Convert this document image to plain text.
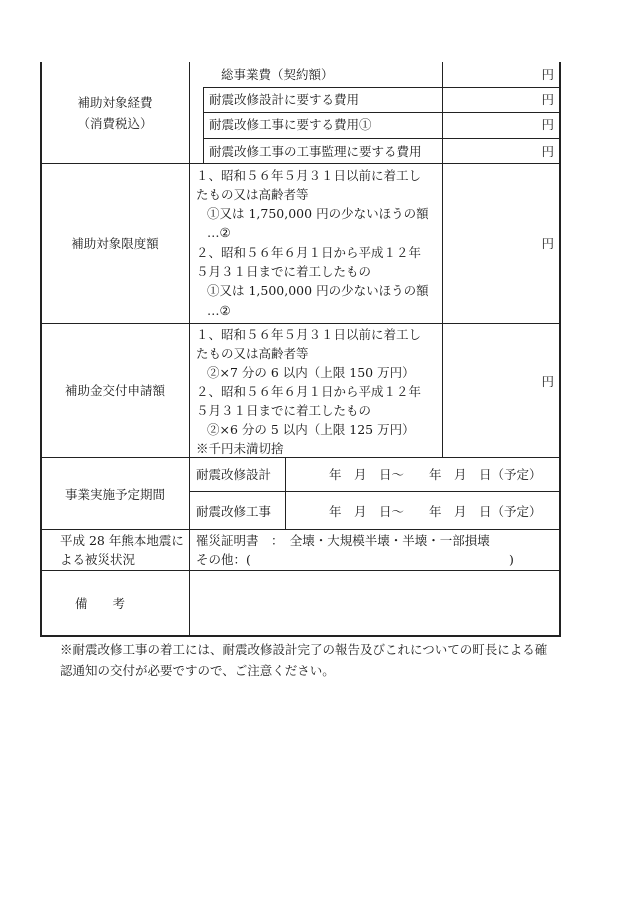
補助対象経費
（消費税込）
総事業費（契約額）	円
耐震改修設計に要する費用	円
耐震改修工事に要する費用①	円
耐震改修工事の工事監理に要する費用	円
補助対象限度額
１、昭和５６年５月３１日以前に着工し
たもの又は高齢者等
①又は 1,750,000 円の少ないほうの額
…②
２、昭和５６年６月１日から平成１２年
５月３１日までに着工したもの
①又は 1,500,000 円の少ないほうの額
…②
円
補助金交付申請額
１、昭和５６年５月３１日以前に着工し
たもの又は高齢者等
②×7 分の 6 以内（上限 150 万円）
２、昭和５６年６月１日から平成１２年
５月３１日までに着工したもの
②×6 分の 5 以内（上限 125 万円）
※千円未満切捨
円
事業実施予定期間
耐震改修設計	年　月　日〜　　年　月　日（予定）
耐震改修工事	年　月　日〜　　年　月　日（予定）
平成 28 年熊本地震に
よる被災状況
罹災証明書　：　全壊・大規模半壊・半壊・一部損壊
その他：(	)
備　　考
※耐震改修工事の着工には、耐震改修設計完了の報告及びこれについての町長による確
認通知の交付が必要ですので、ご注意ください。
